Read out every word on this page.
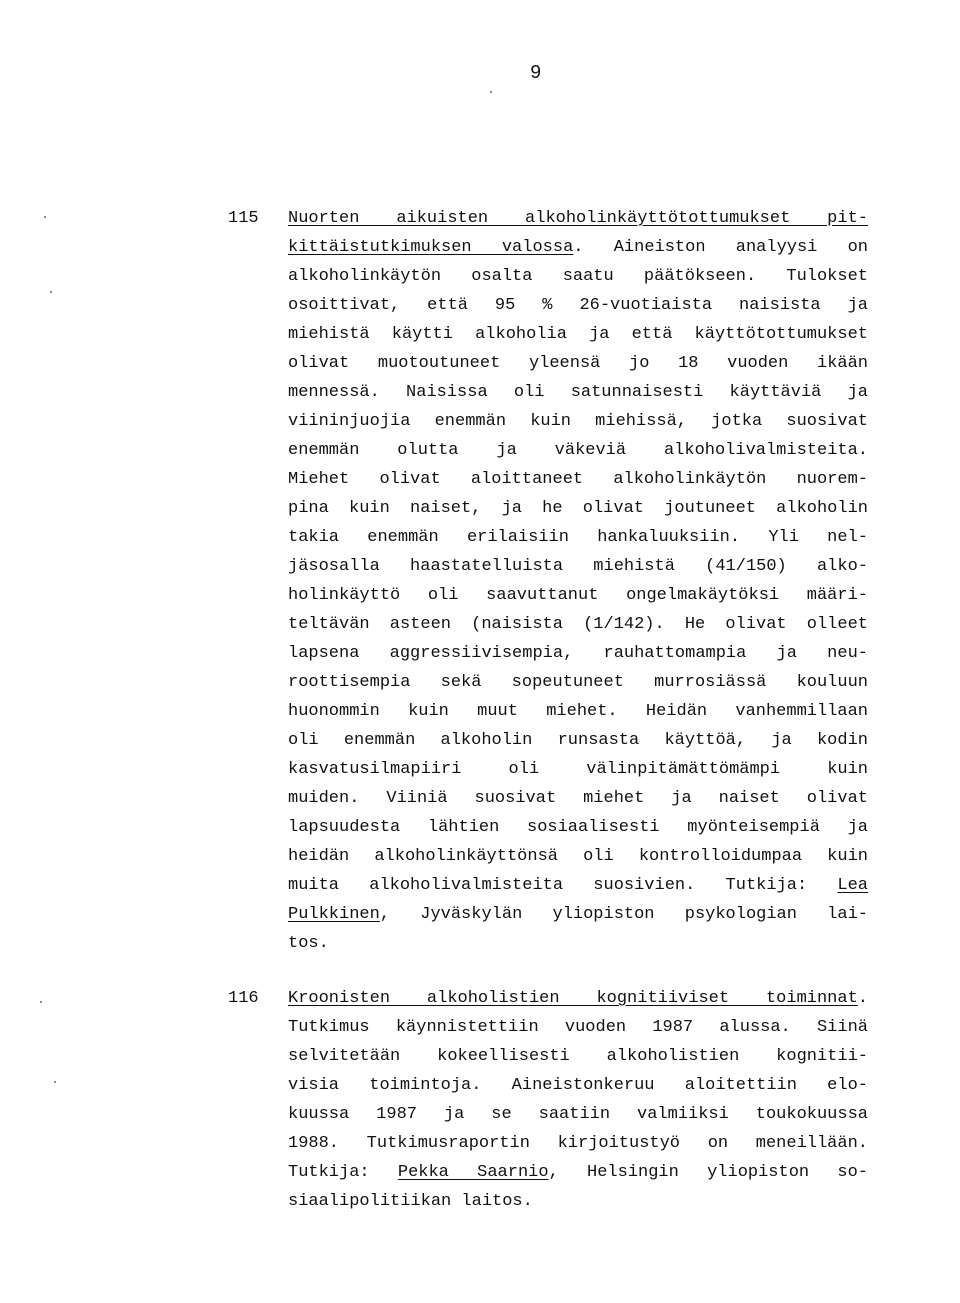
9
115 Nuorten aikuisten alkoholinkäyttötottumukset pit-
kittäistutkimuksen valossa. Aineiston analyysi on
alkoholinkäytön osalta saatu päätökseen. Tulokset
osoittivat, että 95 % 26-vuotiaista naisista ja
miehistä käytti alkoholia ja että käyttötottumukset
olivat muotoutuneet yleensä jo 18 vuoden ikään
mennessä. Naisissa oli satunnaisesti käyttäviä ja
viininjuojia enemmän kuin miehissä, jotka suosivat
enemmän olutta ja väkeviä alkoholivalmisteita.
Miehet olivat aloittaneet alkoholinkäytön nuorem-
pina kuin naiset, ja he olivat joutuneet alkoholin
takia enemmän erilaisiin hankaluuksiin. Yli nel-
jäsosalla haastatelluista miehistä (41/150) alko-
holinkäyttö oli saavuttanut ongelmakäytöksi määri-
teltävän asteen (naisista (1/142). He olivat olleet
lapsena aggressiivisempia, rauhattomampia ja neu-
roottisempia sekä sopeutuneet murrosiässä kouluun
huonommin kuin muut miehet. Heidän vanhemmillaan
oli enemmän alkoholin runsasta käyttöä, ja kodin
kasvatusilmapiiri oli välinpitämättömämpi kuin
muiden. Viiniä suosivat miehet ja naiset olivat
lapsuudesta lähtien sosiaalisesti myönteisempiä ja
heidän alkoholinkäyttönsä oli kontrolloidumpaa kuin
muita alkoholivalmisteita suosivien. Tutkija: Lea
Pulkkinen, Jyväskylän yliopiston psykologian lai-
tos.
116 Kroonisten alkoholistien kognitiiviset toiminnat.
Tutkimus käynnistettiin vuoden 1987 alussa. Siinä
selvitetään kokeellisesti alkoholistien kognitii-
visia toimintoja. Aineistonkeruu aloitettiin elo-
kuussa 1987 ja se saatiin valmiiksi toukokuussa
1988. Tutkimusraportin kirjoitustyö on meneillään.
Tutkija: Pekka Saarnio, Helsingin yliopiston so-
siaalipolitiikan laitos.
